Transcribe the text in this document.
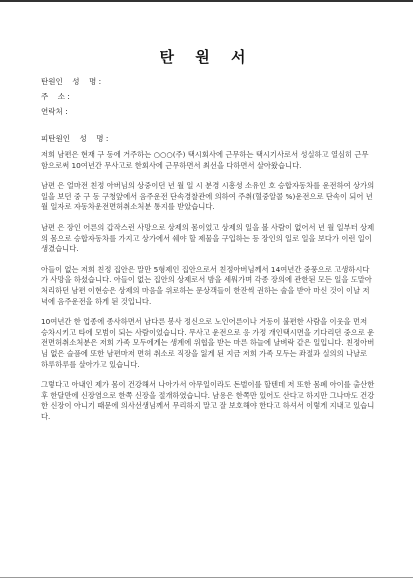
탄 원 서
탄원인    성    명 :
주    소 :
연락처 :
피탄원인    성    명 :

저희 남편은 현재 구 동에 거주하는 ○○○(주) 택시회사에 근무하는 택시기사로서 성실하고 열심히 근무함으로써 10여년간 무사고로 한회사에 근무하면서 최선을 다하면서 살아왔습니다.

남편 은 얼마전 친정 아버님의 상중이던 년 월 일 시 분경 시흥셩 소유인 호 승합자동차를 운전하여 상가의 일을 보던 중 구 동 구청앞에서 음주운전 단속경찰관에 의하여 주취(혈중알콜 %)운전으로 단속이 되어 년 월 일자로 자동차운전면허취소처분 통지를 받았습니다.

남편 은 장인 어른의 갑작스런 사망으로 상제의 몸이었고 상제의 일을 볼 사람이 없어서 년 월 일부터 상제의 몸으로 승합자동차를 가지고 상가에서 쉐야 할 제물을 구입하는 등 장인의 일로 일을 보다가 이런 일이 생겼습니다.

아들이 없는 저희 친정 집안은 말만 5형제인 집안으로서 친정아버님께서 14여년간 중풍으로 고생하시다가 사망을 하셨습니다. 아들이 없는 집안의 상제로서 밤을 세워가며 각종 장의에 관한된 모든 일을 도맡아 처리하던 남편 이현승은 상제의 마음을 위로하는 문상객들이 한잔씩 권하는 술을 받아 마신 것이 이날 저녁에 음주운전을 하게 된 것입니다.

10여년간 한 업종에 종사하면서 남다른 봉사 정신으로 노인어른이나 거동이 불편한 사람을 이웃을 먼저 승차시키고 타에 모범이 되는 사람이었습니다. 무사고 운전으로 응 가정 개인택시면을 기다리던 중으로 운전면허취소처분은 저희 가족 모두에게는 생계에 위협을 받는 마른 하늘에 날벼락 같은 일입니다. 친정아버님 없은 슬픔에 또한 남편마저 면허 취소로 직장을 잃게 된 지금 저희 가족 모두는 좌절과 실의의 나날로 하루하루를 살아가고 있습니다.

그렇다고 아내인 제가 몸이 건강해서 나아가서 아무일이라도 돈벌이를 할텐데 저 또한 몸폐 아이를 출산한 후 한달만에 신장염으로 한쪽 신장을 절개하였습니다. 남용은 한쪽만 있어도 산다고 하지만 그나마도 건강한 신장이 아니기 때문에 의사선생님께서 무리하지 말고 잘 보호해야 한다고 하셔서 이렇게 지내고 있습니다.
